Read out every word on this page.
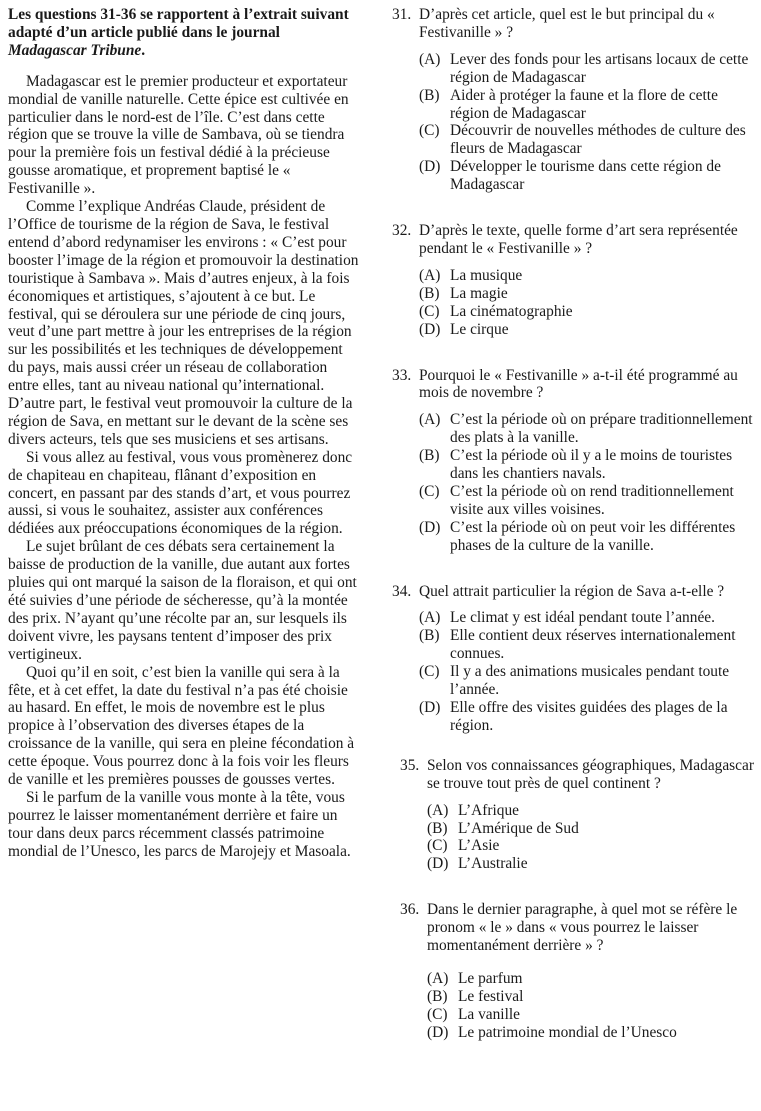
Les questions 31-36 se rapportent à l’extrait suivant adapté d’un article publié dans le journal Madagascar Tribune.

Madagascar est le premier producteur et exportateur mondial de vanille naturelle. Cette épice est cultivée en particulier dans le nord-est de l’île. C’est dans cette région que se trouve la ville de Sambava, où se tiendra pour la première fois un festival dédié à la précieuse gousse aromatique, et proprement baptisé le « Festivanille ».

Comme l’explique Andréas Claude, président de l’Office de tourisme de la région de Sava, le festival entend d’abord redynamiser les environs : « C’est pour booster l’image de la région et promouvoir la destination touristique à Sambava ». Mais d’autres enjeux, à la fois économiques et artistiques, s’ajoutent à ce but. Le festival, qui se déroulera sur une période de cinq jours, veut d’une part mettre à jour les entreprises de la région sur les possibilités et les techniques de développement du pays, mais aussi créer un réseau de collaboration entre elles, tant au niveau national qu’international. D’autre part, le festival veut promouvoir la culture de la région de Sava, en mettant sur le devant de la scène ses divers acteurs, tels que ses musiciens et ses artisans.

Si vous allez au festival, vous vous promènerez donc de chapiteau en chapiteau, flânant d’exposition en concert, en passant par des stands d’art, et vous pourrez aussi, si vous le souhaitez, assister aux conférences dédiées aux préoccupations économiques de la région.

Le sujet brûlant de ces débats sera certainement la baisse de production de la vanille, due autant aux fortes pluies qui ont marqué la saison de la floraison, et qui ont été suivies d’une période de sécheresse, qu’à la montée des prix. N’ayant qu’une récolte par an, sur lesquels ils doivent vivre, les paysans tentent d’imposer des prix vertigineux.

Quoi qu’il en soit, c’est bien la vanille qui sera à la fête, et à cet effet, la date du festival n’a pas été choisie au hasard. En effet, le mois de novembre est le plus propice à l’observation des diverses étapes de la croissance de la vanille, qui sera en pleine fécondation à cette époque. Vous pourrez donc à la fois voir les fleurs de vanille et les premières pousses de gousses vertes.

Si le parfum de la vanille vous monte à la tête, vous pourrez le laisser momentanément derrière et faire un tour dans deux parcs récemment classés patrimoine mondial de l’Unesco, les parcs de Marojejy et Masoala.

31. D’après cet article, quel est le but principal du « Festivanille » ?
(A) Lever des fonds pour les artisans locaux de cette région de Madagascar
(B) Aider à protéger la faune et la flore de cette région de Madagascar
(C) Découvrir de nouvelles méthodes de culture des fleurs de Madagascar
(D) Développer le tourisme dans cette région de Madagascar
32. D’après le texte, quelle forme d’art sera représentée pendant le « Festivanille » ?
(A) La musique
(B) La magie
(C) La cinématographie
(D) Le cirque
33. Pourquoi le « Festivanille » a-t-il été programmé au mois de novembre ?
(A) C’est la période où on prépare traditionnellement des plats à la vanille.
(B) C’est la période où il y a le moins de touristes dans les chantiers navals.
(C) C’est la période où on rend traditionnellement visite aux villes voisines.
(D) C’est la période où on peut voir les différentes phases de la culture de la vanille.
34. Quel attrait particulier la région de Sava a-t-elle ?
(A) Le climat y est idéal pendant toute l’année.
(B) Elle contient deux réserves internationalement connues.
(C) Il y a des animations musicales pendant toute l’année.
(D) Elle offre des visites guidées des plages de la région.
35. Selon vos connaissances géographiques, Madagascar se trouve tout près de quel continent ?
(A) L’Afrique
(B) L’Amérique de Sud
(C) L’Asie
(D) L’Australie
36. Dans le dernier paragraphe, à quel mot se réfère le pronom « le » dans « vous pourrez le laisser momentanément derrière » ?
(A) Le parfum
(B) Le festival
(C) La vanille
(D) Le patrimoine mondial de l’Unesco
